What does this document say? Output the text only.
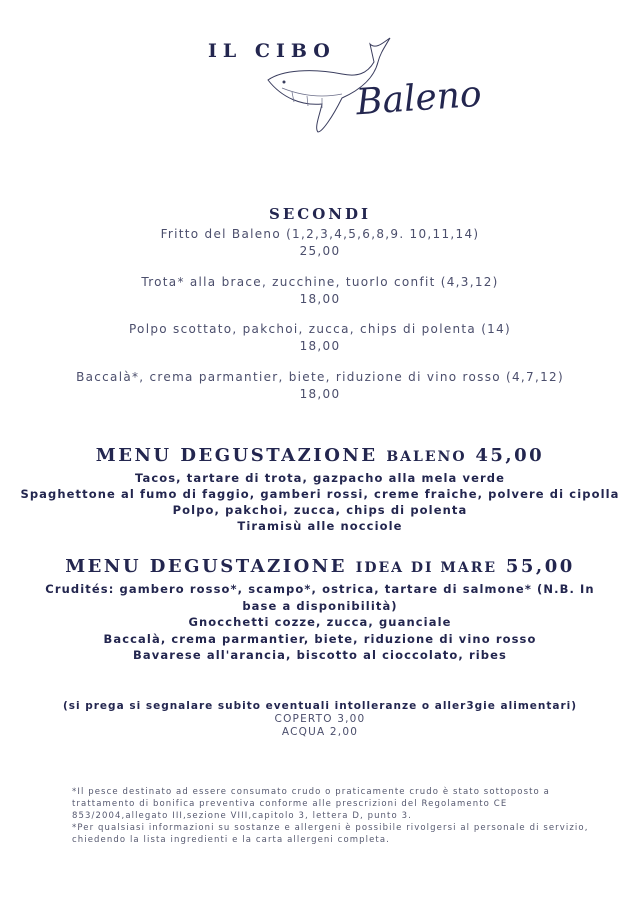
IL CIBO
Baleno
SECONDI
Fritto del Baleno (1,2,3,4,5,6,8,9. 10,11,14)
25,00
Trota* alla brace, zucchine, tuorlo confit (4,3,12)
18,00
Polpo scottato, pakchoi, zucca, chips di polenta (14)
18,00
Baccalà*, crema parmantier, biete, riduzione di vino rosso (4,7,12)
18,00
MENU DEGUSTAZIONE BALENO 45,00
Tacos, tartare di trota, gazpacho alla mela verde
Spaghettone al fumo di faggio, gamberi rossi, creme fraiche, polvere di cipolla
Polpo, pakchoi, zucca, chips di polenta
Tiramisù alle nocciole
MENU DEGUSTAZIONE IDEA DI MARE 55,00
Crudités: gambero rosso*, scampo*, ostrica, tartare di salmone* (N.B. In base a disponibilità)
Gnocchetti cozze, zucca, guanciale
Baccalà, crema parmantier, biete, riduzione di vino rosso
Bavarese all'arancia, biscotto al cioccolato, ribes
(si prega si segnalare subito eventuali intolleranze o aller3gie alimentari)
COPERTO 3,00
ACQUA 2,00
*Il pesce destinato ad essere consumato crudo o praticamente crudo è stato sottoposto a trattamento di bonifica preventiva conforme alle prescrizioni del Regolamento CE 853/2004,allegato III,sezione VIII,capitolo 3, lettera D, punto 3.
*Per qualsiasi informazioni su sostanze e allergeni è possibile rivolgersi al personale di servizio, chiedendo la lista ingredienti e la carta allergeni completa.
